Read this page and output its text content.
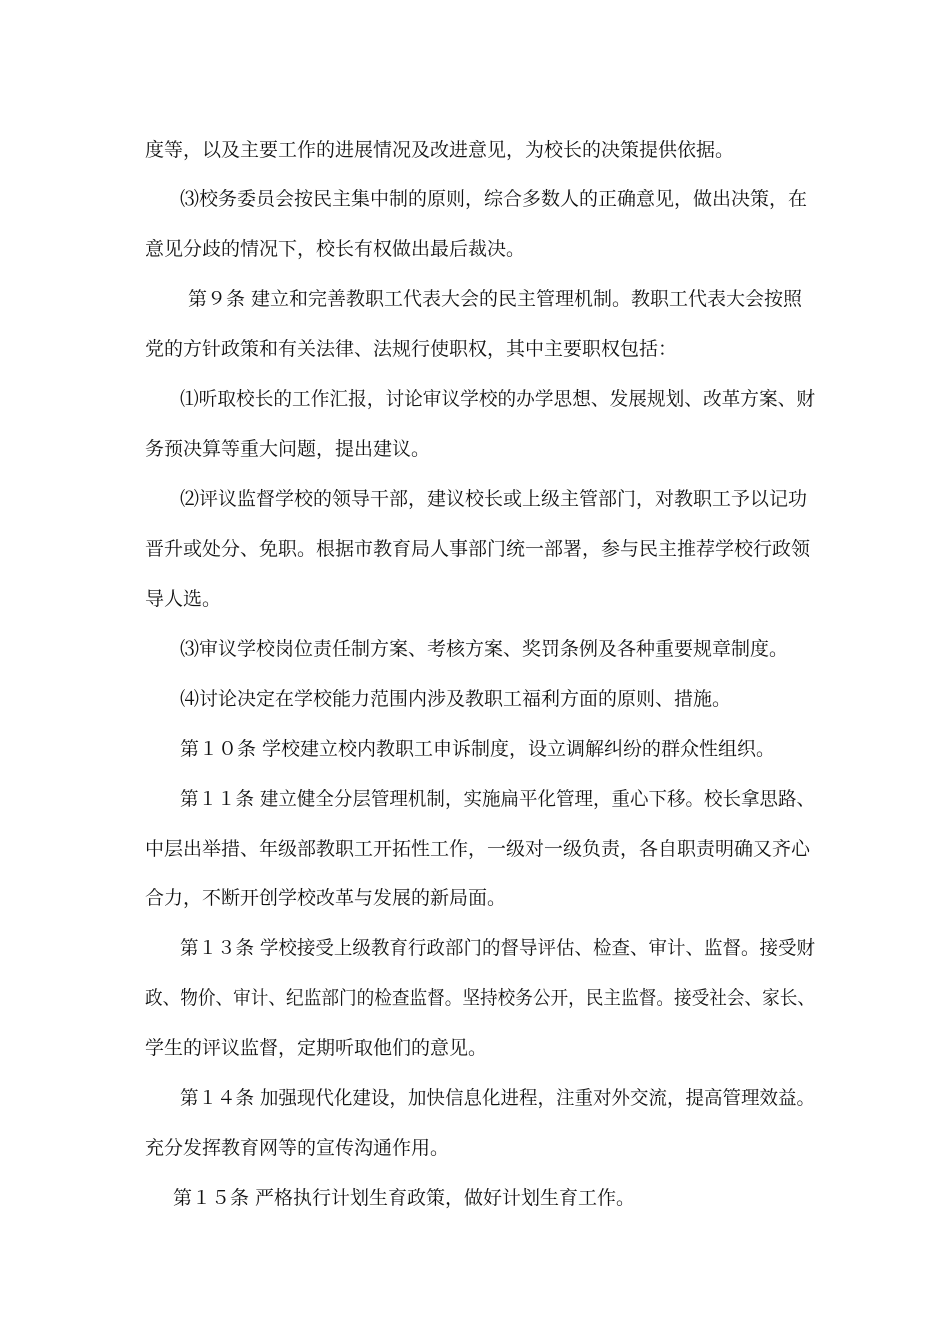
度等，以及主要工作的进展情况及改进意见，为校长的决策提供依据。
⑶校务委员会按民主集中制的原则，综合多数人的正确意见，做出决策，在
意见分歧的情况下，校长有权做出最后裁决。
第９条 建立和完善教职工代表大会的民主管理机制。教职工代表大会按照
党的方针政策和有关法律、法规行使职权，其中主要职权包括：
⑴听取校长的工作汇报，讨论审议学校的办学思想、发展规划、改革方案、财
务预决算等重大问题，提出建议。
⑵评议监督学校的领导干部，建议校长或上级主管部门，对教职工予以记功
晋升或处分、免职。根据市教育局人事部门统一部署，参与民主推荐学校行政领
导人选。
⑶审议学校岗位责任制方案、考核方案、奖罚条例及各种重要规章制度。
⑷讨论决定在学校能力范围内涉及教职工福利方面的原则、措施。
第１０条 学校建立校内教职工申诉制度，设立调解纠纷的群众性组织。
第１１条 建立健全分层管理机制，实施扁平化管理，重心下移。校长拿思路、
中层出举措、年级部教职工开拓性工作，一级对一级负责，各自职责明确又齐心
合力，不断开创学校改革与发展的新局面。
第１３条 学校接受上级教育行政部门的督导评估、检查、审计、监督。接受财
政、物价、审计、纪监部门的检查监督。坚持校务公开，民主监督。接受社会、家长、
学生的评议监督，定期听取他们的意见。
第１４条 加强现代化建设，加快信息化进程，注重对外交流，提高管理效益。
充分发挥教育网等的宣传沟通作用。
第１５条 严格执行计划生育政策，做好计划生育工作。
